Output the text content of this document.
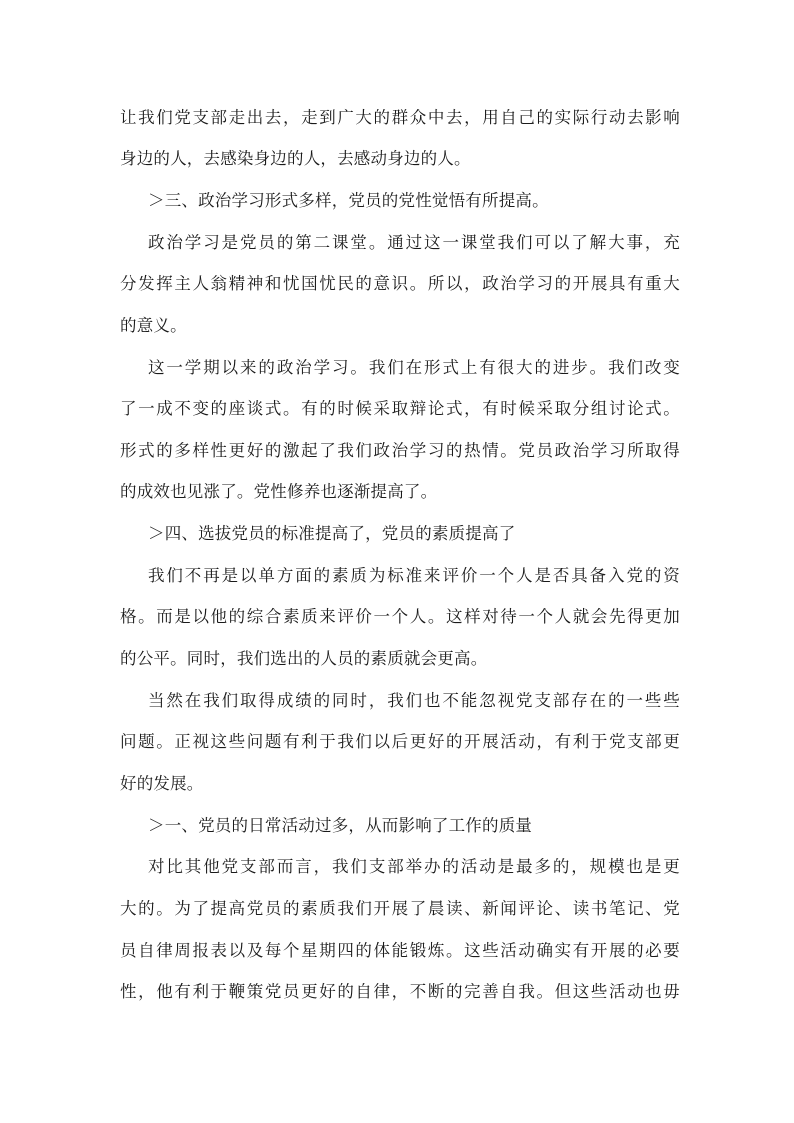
让我们党支部走出去，走到广大的群众中去，用自己的实际行动去影响
身边的人，去感染身边的人，去感动身边的人。
＞三、政治学习形式多样，党员的党性觉悟有所提高。
政治学习是党员的第二课堂。通过这一课堂我们可以了解大事，充
分发挥主人翁精神和忧国忧民的意识。所以，政治学习的开展具有重大
的意义。
这一学期以来的政治学习。我们在形式上有很大的进步。我们改变
了一成不变的座谈式。有的时候采取辩论式，有时候采取分组讨论式。
形式的多样性更好的激起了我们政治学习的热情。党员政治学习所取得
的成效也见涨了。党性修养也逐渐提高了。
＞四、选拔党员的标准提高了，党员的素质提高了
我们不再是以单方面的素质为标准来评价一个人是否具备入党的资
格。而是以他的综合素质来评价一个人。这样对待一个人就会先得更加
的公平。同时，我们选出的人员的素质就会更高。
当然在我们取得成绩的同时，我们也不能忽视党支部存在的一些些
问题。正视这些问题有利于我们以后更好的开展活动，有利于党支部更
好的发展。
＞一、党员的日常活动过多，从而影响了工作的质量
对比其他党支部而言，我们支部举办的活动是最多的，规模也是更
大的。为了提高党员的素质我们开展了晨读、新闻评论、读书笔记、党
员自律周报表以及每个星期四的体能锻炼。这些活动确实有开展的必要
性，他有利于鞭策党员更好的自律，不断的完善自我。但这些活动也毋
